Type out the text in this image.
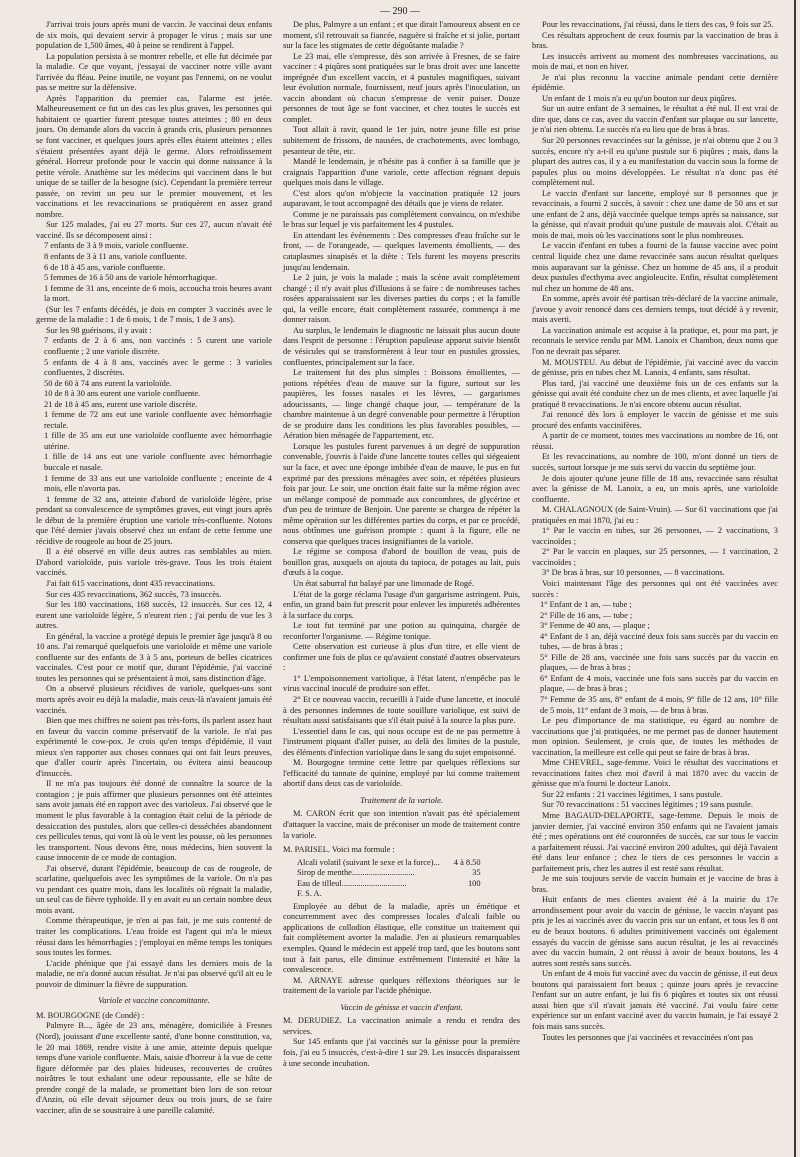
— 290 —

J'arrivai trois jours après muni de vaccin. Je vaccinai deux enfants de six mois, qui devaient servir à propager le virus ; mais sur une population de 1,500 âmes, 40 à peine se rendirent à l'appel.

La population persista à se montrer rebelle, et elle fut décimée par la maladie. Ce que voyant, j'essayai de vacciner notre ville avant l'arrivée du fléau. Peine inutile, ne voyant pas l'ennemi, on ne voulut pas se mettre sur la défensive.

Après l'apparition du premier cas, l'alarme est jetée. Malheureusement ce fut un des cas les plus graves, les personnes qui habitaient ce quartier furent presque toutes atteintes ; 80 en deux jours. On demande alors du vaccin à grands cris, plusieurs personnes se font vacciner, et quelques jours après elles étaient atteintes ; elles s'étaient présentées ayant déjà le germe. Alors refroidissement général. Horreur profonde pour le vaccin qui donne naissance à la petite vérole. Anathème sur les médecins qui vaccinent dans le but unique de se tailler de la besogne (sic). Cependant la première terreur passée, on revint un peu sur le premier mouvement, et les vaccinations et les revaccinations se pratiquèrent en assez grand nombre.

Sur 125 malades, j'ai eu 27 morts. Sur ces 27, aucun n'avait été vacciné. Ils se décomposent ainsi :

7 enfants de 3 à 9 mois, variole confluente.

8 enfants de 3 à 11 ans, variole confluente.

6 de 18 à 45 ans, variole confluente.

5 femmes de 16 à 50 ans de variole hémorrhagique.

1 femme de 31 ans, enceinte de 6 mois, accoucha trois heures avant la mort.

(Sur les 7 enfants décédés, je dois en compter 3 vaccinés avec le germe de la maladie : 1 de 6 mois, 1 de 7 mois, 1 de 3 ans).

Sur les 98 guérisons, il y avait :

7 enfants de 2 à 6 ans, non vaccinés : 5 curent une variole confluente ; 2 une variole discrète.

5 enfants de 4 à 8 ans, vaccinés avec le germe : 3 varioles confluentes, 2 discrètes.

50 de 60 à 74 ans eurent la varioloïde.

10 de 8 à 30 ans eurent une variole confluente.

21 de 18 à 45 ans, eurent une variole discrète.

1 femme de 72 ans eut une variole confluente avec hémorrhagie rectale.

1 fille de 35 ans eut une varioloïde confluente avec hémorrhagie utérine.

1 fille de 14 ans eut une variole confluente avec hémorrhagie buccale et nasale.

1 femme de 33 ans eut une varioloïde confluente ; enceinte de 4 mois, elle n'avorta pas.

1 femme de 32 ans, atteinte d'abord de varioloïde légère, prise pendant sa convalescence de symptômes graves, eut vingt jours après le début de la première éruption une variole très-confluente. Notons que l'été dernier j'avais observé chez un enfant de cette femme une récidive de rougeole au bout de 25 jours.

Il a été observé en ville deux autres cas semblables au mien. D'abord varioloïde, puis variole très-grave. Tous les trois étaient vaccinés.

J'ai fait 615 vaccinations, dont 435 revaccinations.

Sur ces 435 revaccinations, 362 succès, 73 insuccès.

Sur les 180 vaccinations, 168 succès, 12 insuccès. Sur ces 12, 4 eurent une varioloïde légère, 5 n'eurent rien ; j'ai perdu de vue les 3 autres.

En général, la vaccine a protégé depuis le premier âge jusqu'à 8 ou 10 ans. J'ai remarqué quelquefois une varioloïde et même une variole confluente sur des enfants de 3 à 5 ans, porteurs de belles cicatrices vaccinales. C'est pour ce motif que, durant l'épidémie, j'ai vacciné toutes les personnes qui se présentaient à moi, sans distinction d'âge.

On a observé plusieurs récidives de variole, quelques-uns sont morts après avoir eu déjà la maladie, mais ceux-là n'avaient jamais été vaccinés.

Bien que mes chiffres ne soient pas très-forts, ils parlent assez haut en faveur du vaccin comme préservatif de la variole. Je n'ai pas expérimenté le cow-pox. Je crois qu'en temps d'épidémie, il vaut mieux s'en rapporter aux choses connues qui ont fait leurs preuves, que d'aller courir après l'incertain, ou évitera ainsi beaucoup d'insuccès.

Il ne m'a pas toujours été donné de connaître la source de la contagion ; je puis affirmer que plusieurs personnes ont été atteintes sans avoir jamais été en rapport avec des varioleux. J'ai observé que le moment le plus favorable à la contagion était celui de la période de dessiccation des pustules, alors que celles-ci desséchées abandonnent ces pellicules tenus, qui vont là où le vent les pousse, où les personnes les transportent. Nous devons être, nous médecins, bien souvent la cause innocente de ce mode de contagion.

J'ai observé, durant l'épidémie, beaucoup de cas de rougeole, de scarlatine, quelquefois avec les symptômes de la variole. On n'a pas vu pendant ces quatre mois, dans les localités où régnait la maladie, un seul cas de fièvre typhoïde. Il y en avait eu un certain nombre deux mois avant.

Comme thérapeutique, je n'en ai pas fait, je me suis contenté de traiter les complications. L'eau froide est l'agent qui m'a le mieux réussi dans les hémorrhagies ; j'employai en même temps les toniques sous toutes les formes.

L'acide phénique que j'ai essayé dans les derniers mois de la maladie, ne m'a donné aucun résultat. Je n'ai pas observé qu'il ait eu le pouvoir de diminuer la fièvre de suppuration.

Variole et vaccine concomittante.

M. BOURGOGNE (de Condé) :

Palmyre B..., âgée de 23 ans, ménagère, domiciliée à Fresnes (Nord), jouissant d'une excellente santé, d'une bonne constitution, va, le 20 mai 1869, rendre visite à une amie, atteinte depuis quelque temps d'une variole confluente. Mais, saisie d'horreur à la vue de cette figure déformée par des plaies hideuses, recouvertes de croûtes noirâtres le tout exhalant une odeur repoussante, elle se hâte de prendre congé de la malade, se promettant bien lors de son retour d'Anzin, où elle devait séjourner deux ou trois jours, de se faire vacciner, afin de se soustraire à une pareille calamité.

De plus, Palmyre a un enfant ; et que dirait l'amoureux absent en ce moment, s'il retrouvait sa fiancée, naguère si fraîche et si jolie, portant sur la face les stigmates de cette dégoûtante maladie ?

Le 23 mai, elle s'empresse, dès son arrivée à Fresnes, de se faire vacciner : 4 piqûres sont pratiquées sur le bras droit avec une lancette imprégnée d'un excellent vaccin, et 4 pustules magnifiques, suivant leur évolution normale, fournissent, neuf jours après l'inoculation, un vaccin abondant où chacun s'empresse de venir puiser. Douze personnes de tout âge se font vacciner, et chez toutes le succès est complet.

Tout allait à ravir, quand le 1er juin, notre jeune fille est prise subitement de frissons, de nausées, de crachotements, avec lombago, pesanteur de tête, etc.

Mandé le lendemain, je n'hésite pas à confier à sa famille que je craignais l'apparition d'une variole, cette affection régnant depuis quelques mois dans le village.

C'est alors qu'on m'objecte la vaccination pratiquée 12 jours auparavant, le tout accompagné des détails que je viens de relater.

Comme je ne paraissais pas complètement convaincu, on m'exhibe le bras sur lequel je vis parfaitement les 4 pustules.

En attendant les événements : Des compresses d'eau fraîche sur le front, — de l'orangeade, — quelques lavements émollients, — des cataplasmes sinapisés et la diète : Tels furent les moyens prescrits jusqu'au lendemain.

Le 2 juin, je vois la malade ; mais la scène avait complètement changé ; il n'y avait plus d'illusions à se faire : de nombreuses taches rosées apparaissaient sur les diverses parties du corps ; et la famille qui, la veille encore, était complètement rassurée, commença à me donner raison.

Au surplus, le lendemain le diagnostic ne laissait plus aucun doute dans l'esprit de personne : l'éruption papuleuse apparut suivie bientôt de vésicules qui se transformèrent à leur tour en pustules grossies, confluentes, principalement sur la face.

Le traitement fut des plus simples : Boissons émollientes, — potions répétées d'eau de mauve sur la figure, surtout sur les paupières, les fosses nasales et les lèvres, — gargarismes adoucissants, — linge changé chaque jour, — température de la chambre maintenue à un degré convenable pour permettre à l'éruption de se produire dans les conditions les plus favorables possibles, — Aération bien ménagée de l'appartement, etc.

Lorsque les pustules furent parvenues à un degré de suppuration convenable, j'ouvris à l'aide d'une lancette toutes celles qui siégeaient sur la face, et avec une éponge imbibée d'eau de mauve, le pus en fut exprimé par des pressions ménagées avec soin, et répétées plusieurs fois par jour. Le soir, une onction était faite sur la même région avec un mélange composé de pommade aux concombres, de glycérine et d'un peu de teinture de Benjoin. Une parente se chargea de répéter la même opération sur les différentes parties du corps, et par ce procédé, nous obtînmes une guérison prompte : quant à la figure, elle ne conserva que quelques traces insignifiantes de la variole.

Le régime se composa d'abord de bouillon de veau, puis de bouillon gras, auxquels on ajouta du tapioca, de potages au lait, puis d'œufs à la coque.

Un état saburral fut balayé par une limonade de Rogé.

L'état de la gorge réclama l'usage d'un gargarisme astringent. Puis, enfin, un grand bain fut prescrit pour enlever les impuretés adhérentes à la surface du corps.

Le tout fut terminé par une potion au quinquina, chargée de reconforter l'organisme. — Régime tonique.

Cette observation est curieuse à plus d'un titre, et elle vient de confirmer une fois de plus ce qu'avaient constaté d'autres observateurs :

1° L'empoisonnement variolique, à l'état latent, n'empêche pas le virus vaccinal inoculé de produire son effet.

2° Et ce nouveau vaccin, recueilli à l'aide d'une lancette, et inoculé à des personnes indemnes de toute souillure variolique, est suivi de résultats aussi satisfaisants que s'il était puisé à la source la plus pure.

L'essentiel dans le cas, qui nous occupe est de ne pas permettre à l'instrument piquant d'aller puiser, au delà des limites de la pustule, des éléments d'infection variolique dans le sang du sujet empoisonné.

M. Bourgogne termine cette lettre par quelques réflexions sur l'efficacité du tannate de quinine, employé par lui comme traitement abortif dans deux cas de varioloïde.

Traitement de la variole.

M. CARON écrit que son intention n'avait pas été spécialement d'attaquer la vaccine, mais de préconiser un mode de traitement contre la variole.

M. PARISEL. Voici ma formule :

Alcali volatil (suivant le sexe et la force)...	4 à 8.50
Sirop de menthe..............................	35
Eau de tilleul...............................	100
F. S. A.	

Employée au début de la maladie, après un émétique et concurremment avec des compresses locales d'alcali faible ou applications de collodion élastique, elle constitue un traitement qui fait complètement avorter la maladie. J'en ai plusieurs remarquables exemples. Quand le médecin est appelé trop tard, que les boutons sont tout à fait parus, elle diminue extrêmement l'intensité et hâte la convalescence.

M. ARNAYE adresse quelques réflexions théoriques sur le traitement de la variole par l'acide phénique.

Vaccin de génisse et vaccin d'enfant.

M. DERUDIEZ. La vaccination animale a rendu et rendra des services.

Sur 145 enfants que j'ai vaccinés sur la génisse pour la première fois, j'ai eu 5 insuccès, c'est-à-dire 1 sur 29. Les insuccès disparaissent à une seconde incubation.

Pour les revaccinations, j'ai réussi, dans le tiers des cas, 9 fois sur 25.

Ces résultats approchent de ceux fournis par la vaccination de bras à bras.

Les insuccès arrivent au moment des nombreuses vaccinations, au mois de mai, et non en hiver.

Je n'ai plus reconnu la vaccine animale pendant cette dernière épidémie.

Un enfant de 1 mois n'a eu qu'un bouton sur deux piqûres.

Sur un autre enfant de 3 semaines, le résultat a été nul. Il est vrai de dire que, dans ce cas, avec du vaccin d'enfant sur plaque ou sur lancette, je n'ai rien obtenu. Le succès n'a eu lieu que de bras à bras.

Sur 20 personnes revaccinées sur la génisse, je n'ai obtenu que 2 ou 3 succès, encore n'y a-t-il eu qu'une pustule sur 6 piqûres ; mais, dans la plupart des autres cas, il y a eu manifestation du vaccin sous la forme de papules plus ou moins développées. Le résultat n'a donc pas été complètement nul.

Le vaccin d'enfant sur lancette, employé sur 8 personnes que je revaccinais, a fourni 2 succès, à savoir : chez une dame de 50 ans et sur une enfant de 2 ans, déjà vaccinée quelque temps après sa naissance, sur la génisse, qui n'avait produit qu'une pustule de mauvais aloi. C'était au mois de mai, mois où les vaccinations sont le plus nombreuses.

Le vaccin d'enfant en tubes a fourni de la fausse vaccine avec point central liquide chez une dame revaccinée sans aucun résultat quelques mois auparavant sur la génisse. Chez un homme de 45 ans, il a produit deux pustules d'ecthyma avec angioleucite. Enfin, résultat complètement nul chez un homme de 48 ans.

En somme, après avoir été partisan très-déclaré de la vaccine animale, j'avoue y avoir renoncé dans ces derniers temps, tout décidé à y revenir, mais averti.

La vaccination animale est acquise à la pratique, et, pour ma part, je reconnais le service rendu par MM. Lanoix et Chambon, deux noms que l'on ne devrait pas séparer.

M. MOUSTEU. Au début de l'épidémie, j'ai vacciné avec du vaccin de génisse, pris en tubes chez M. Lanoix, 4 enfants, sans résultat.

Plus tard, j'ai vacciné une deuxième fois un de ces enfants sur la génisse qui avait été conduite chez un de mes clients, et avec laquelle j'ai pratiqué 8 revaccinations. Je n'ai encore obtenu aucun résultat.

J'ai renoncé dès lors à employer le vaccin de génisse et me suis procuré des enfants vaccinifères.

A partir de ce moment, toutes mes vaccinations au nombre de 16, ont réussi.

Et les revaccinations, au nombre de 100, m'ont donné un tiers de succès, surtout lorsque je me suis servi du vaccin du septième jour.

Je dois ajouter qu'une jeune fille de 18 ans, revaccinée sans résultat avec la génisse de M. Lanoix, a eu, un mois après, une varioloïde confluente.

M. CHALAGNOUX (de Saint-Vruin). — Sur 61 vaccinations que j'ai pratiquées en mai 1870, j'ai eu :

1° Par le vaccin en tubes, sur 26 personnes, — 2 vaccinations, 3 vaccinoïdes ;

2° Par le vaccin en plaques, sur 25 personnes, — 1 vaccination, 2 vaccinoïdes ;

3° De bras à bras, sur 10 personnes, — 8 vaccinations.

Voici maintenant l'âge des personnes qui ont été vaccinées avec succès :

1° Enfant de 1 an, — tube ;

2° Fille de 16 ans, — tube ;

3° Femme de 40 ans, — plaque ;

4° Enfant de 1 an, déjà vacciné deux fois sans succès par du vaccin en tubes, — de bras à bras ;

5° Fille de 28 ans, vaccinée une fois sans succès par du vaccin en plaques, — de bras à bras ;

6° Enfant de 4 mois, vaccinée une fois sans succès par du vaccin en plaque, — de bras à bras ;

7° Femme de 35 ans, 8° enfant de 4 mois, 9° fille de 12 ans, 10° fille de 5 mois, 11° enfant de 3 mois, — de bras à bras.

Le peu d'importance de ma statistique, eu égard au nombre de vaccinations que j'ai pratiquées, ne me permet pas de donner hautement mon opinion. Seulement, je crois que, de toutes les méthodes de vaccination, la meilleure est celle qui peut se faire de bras à bras.

Mme CHEVREL, sage-femme. Voici le résultat des vaccinations et revaccinations faites chez moi d'avril à mai 1870 avec du vaccin de génisse que m'a fourni le docteur Lanoix.

Sur 22 enfants : 21 vaccines légitimes, 1 sans pustule.

Sur 70 revaccinations : 51 vaccines légitimes ; 19 sans pustule.

Mme BAGAUD-DELAPORTE, sage-femme. Depuis le mois de janvier dernier, j'ai vacciné environ 350 enfants qui ne l'avaient jamais été ; mes opérations ont été couronnées de succès, car sur tous le vaccin a parfaitement réussi. J'ai vacciné environ 200 adultes, qui déjà l'avaient été dans leur enfance ; chez le tiers de ces personnes le vaccin a parfaitement pris, chez les autres il est resté sans résultat.

Je me suis toujours servie de vaccin humain et je vaccine de bras à bras.

Huit enfants de mes clientes avaient été à la mairie du 17e arrondissement pour avoir du vaccin de génisse, le vaccin n'ayant pas pris je les ai vaccinés avec du vaccin pris sur un enfant, et tous les 8 ont eu de beaux boutons. 6 adultes primitivement vaccinés ont également essayés du vaccin de génisse sans aucun résultat, je les ai revaccinés avec du vaccin humain, 2 ont réussi à avoir de beaux boutons, les 4 autres sont restés sans succès.

Un enfant de 4 mois fut vacciné avec du vaccin de génisse, il eut deux boutons qui paraissaient fort beaux ; quinze jours après je revaccine l'enfant sur un autre enfant, je lui fis 6 piqûres et toutes six ont réussi aussi bien que s'il n'avait jamais été vacciné. J'ai voulu faire cette expérience sur un enfant vacciné avec du vaccin humain, je l'ai essayé 2 fois mais sans succès.

Toutes les personnes que j'ai vaccinées et revaccinées n'ont pas
